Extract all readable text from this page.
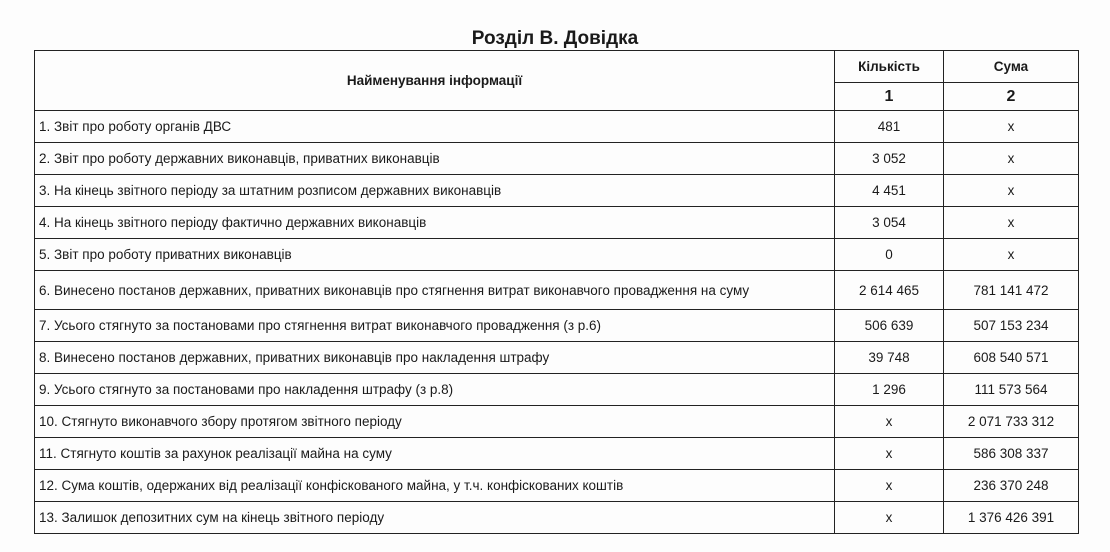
Розділ В. Довідка
Найменування інформації	Кількість	Сума
	1	2
1. Звіт про роботу органів ДВС	481	x
2. Звіт про роботу державних виконавців, приватних виконавців	3 052	x
3. На кінець звітного періоду за штатним розписом державних виконавців	4 451	x
4. На кінець звітного періоду фактично державних виконавців	3 054	x
5. Звіт про роботу приватних виконавців	0	x
6. Винесено постанов державних, приватних виконавців про стягнення витрат виконавчого провадження на суму	2 614 465	781 141 472
7. Усього стягнуто за постановами про стягнення витрат виконавчого провадження (з р.6)	506 639	507 153 234
8. Винесено постанов державних, приватних виконавців про накладення штрафу	39 748	608 540 571
9. Усього стягнуто за постановами про накладення штрафу (з р.8)	1 296	111 573 564
10. Стягнуто виконавчого збору протягом звітного періоду	x	2 071 733 312
11. Стягнуто коштів за рахунок реалізації майна на суму	x	586 308 337
12. Сума коштів, одержаних від реалізації конфіскованого майна, у т.ч. конфіскованих коштів	x	236 370 248
13. Залишок депозитних сум на кінець звітного періоду	x	1 376 426 391
